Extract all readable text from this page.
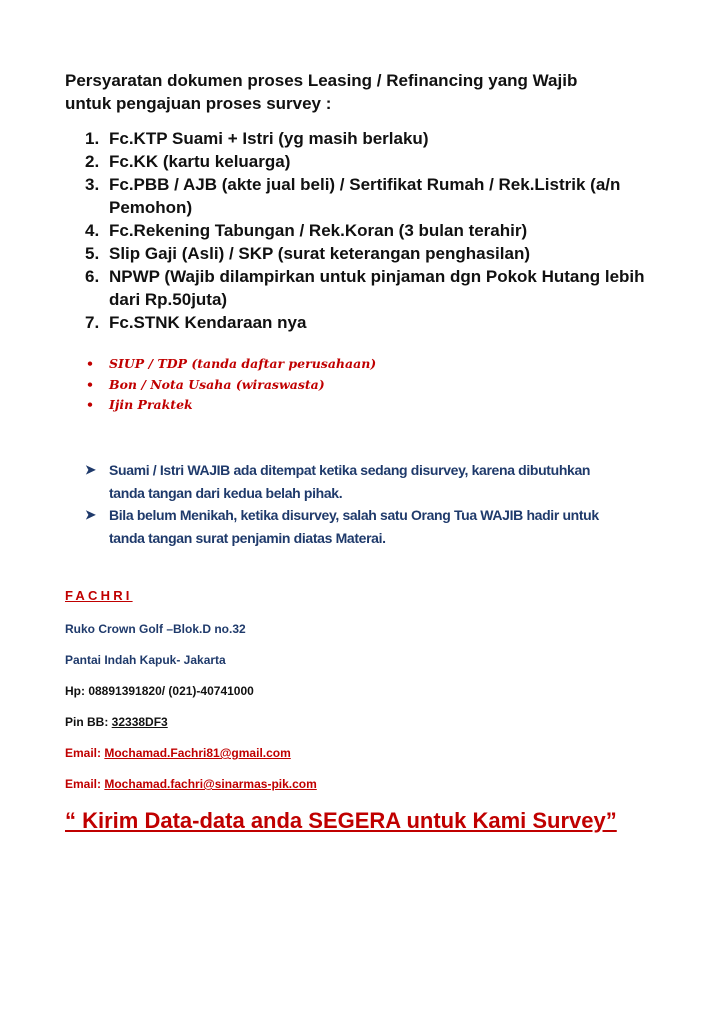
Persyaratan dokumen proses Leasing / Refinancing yang Wajib
untuk pengajuan proses survey :
1. Fc.KTP Suami + Istri (yg masih berlaku)
2. Fc.KK (kartu keluarga)
3. Fc.PBB / AJB (akte jual beli) / Sertifikat Rumah / Rek.Listrik (a/n Pemohon)
4. Fc.Rekening Tabungan / Rek.Koran (3 bulan terahir)
5. Slip Gaji (Asli) / SKP (surat keterangan penghasilan)
6. NPWP (Wajib dilampirkan untuk pinjaman dgn Pokok Hutang lebih dari Rp.50juta)
7. Fc.STNK Kendaraan nya
• SIUP / TDP (tanda daftar perusahaan)
• Bon / Nota Usaha (wiraswasta)
• Ijin Praktek
➤ Suami / Istri WAJIB ada ditempat ketika sedang disurvey, karena dibutuhkan tanda tangan dari kedua belah pihak.
➤ Bila belum Menikah, ketika disurvey, salah satu Orang Tua WAJIB hadir untuk tanda tangan surat penjamin diatas Materai.
FACHRI
Ruko Crown Golf –Blok.D no.32
Pantai Indah Kapuk- Jakarta
Hp: 08891391820/ (021)-40741000
Pin BB: 32338DF3
Email: Mochamad.Fachri81@gmail.com
Email: Mochamad.fachri@sinarmas-pik.com
“ Kirim Data-data anda SEGERA untuk Kami Survey”
